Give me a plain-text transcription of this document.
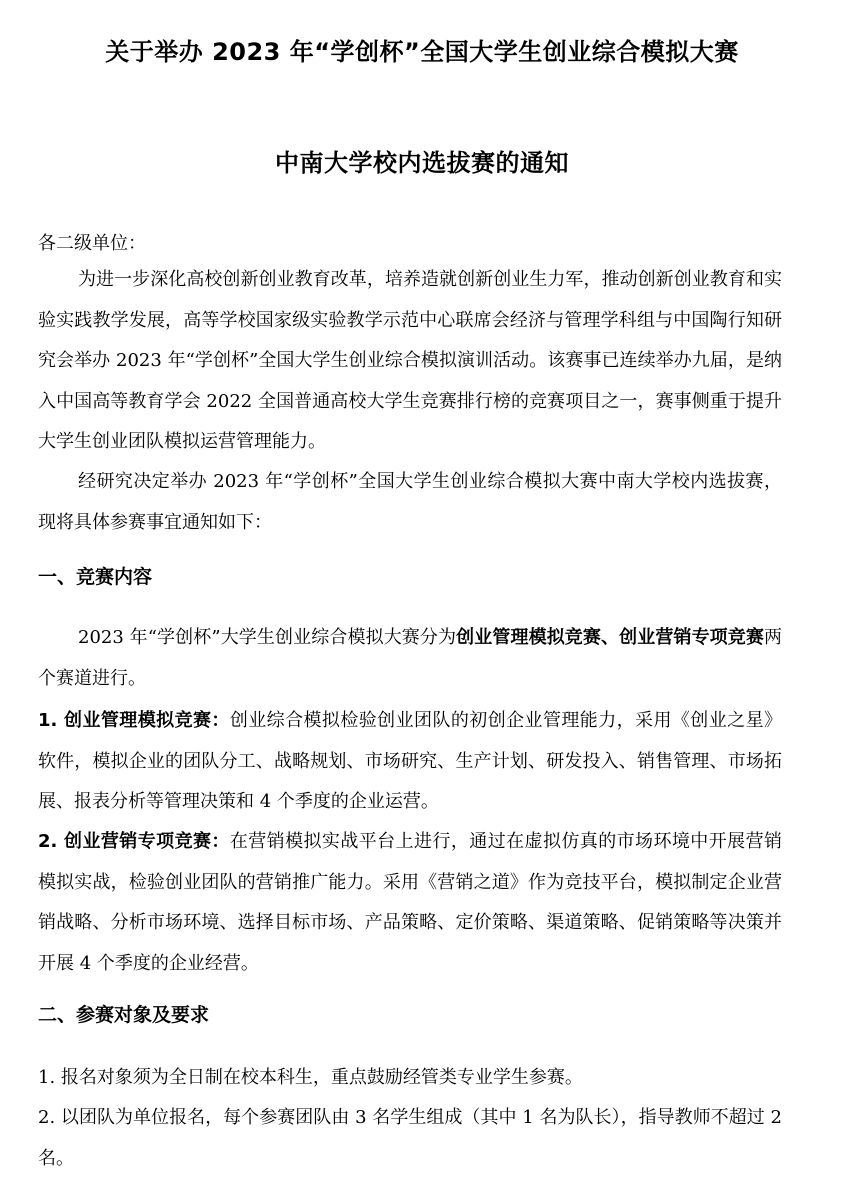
关于举办 2023 年“学创杯”全国大学生创业综合模拟大赛
中南大学校内选拔赛的通知
各二级单位：
为进一步深化高校创新创业教育改革，培养造就创新创业生力军，推动创新创业教育和实验实践教学发展，高等学校国家级实验教学示范中心联席会经济与管理学科组与中国陶行知研究会举办 2023 年“学创杯”全国大学生创业综合模拟演训活动。该赛事已连续举办九届，是纳入中国高等教育学会 2022 全国普通高校大学生竞赛排行榜的竞赛项目之一，赛事侧重于提升大学生创业团队模拟运营管理能力。
经研究决定举办 2023 年“学创杯”全国大学生创业综合模拟大赛中南大学校内选拔赛，现将具体参赛事宜通知如下：
一、竞赛内容
2023 年“学创杯”大学生创业综合模拟大赛分为创业管理模拟竞赛、创业营销专项竞赛两个赛道进行。
1. 创业管理模拟竞赛：创业综合模拟检验创业团队的初创企业管理能力，采用《创业之星》软件，模拟企业的团队分工、战略规划、市场研究、生产计划、研发投入、销售管理、市场拓展、报表分析等管理决策和 4 个季度的企业运营。
2. 创业营销专项竞赛：在营销模拟实战平台上进行，通过在虚拟仿真的市场环境中开展营销模拟实战，检验创业团队的营销推广能力。采用《营销之道》作为竞技平台，模拟制定企业营销战略、分析市场环境、选择目标市场、产品策略、定价策略、渠道策略、促销策略等决策并开展 4 个季度的企业经营。
二、参赛对象及要求
1. 报名对象须为全日制在校本科生，重点鼓励经管类专业学生参赛。
2. 以团队为单位报名，每个参赛团队由 3 名学生组成（其中 1 名为队长），指导教师不超过 2 名。
